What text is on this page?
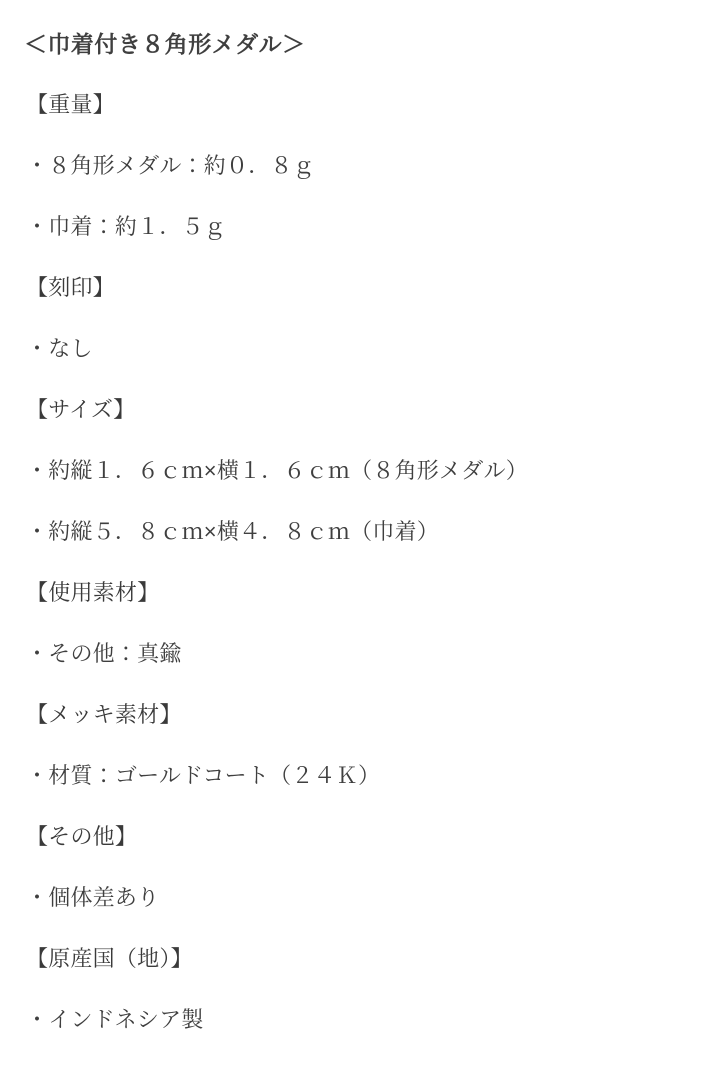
＜巾着付き８角形メダル＞
【重量】
・８角形メダル：約０．８ｇ
・巾着：約１．５ｇ
【刻印】
・なし
【サイズ】
・約縦１．６ｃｍ×横１．６ｃｍ（８角形メダル）
・約縦５．８ｃｍ×横４．８ｃｍ（巾着）
【使用素材】
・その他：真鍮
【メッキ素材】
・材質：ゴールドコート（２４Ｋ）
【その他】
・個体差あり
【原産国（地）】
・インドネシア製
